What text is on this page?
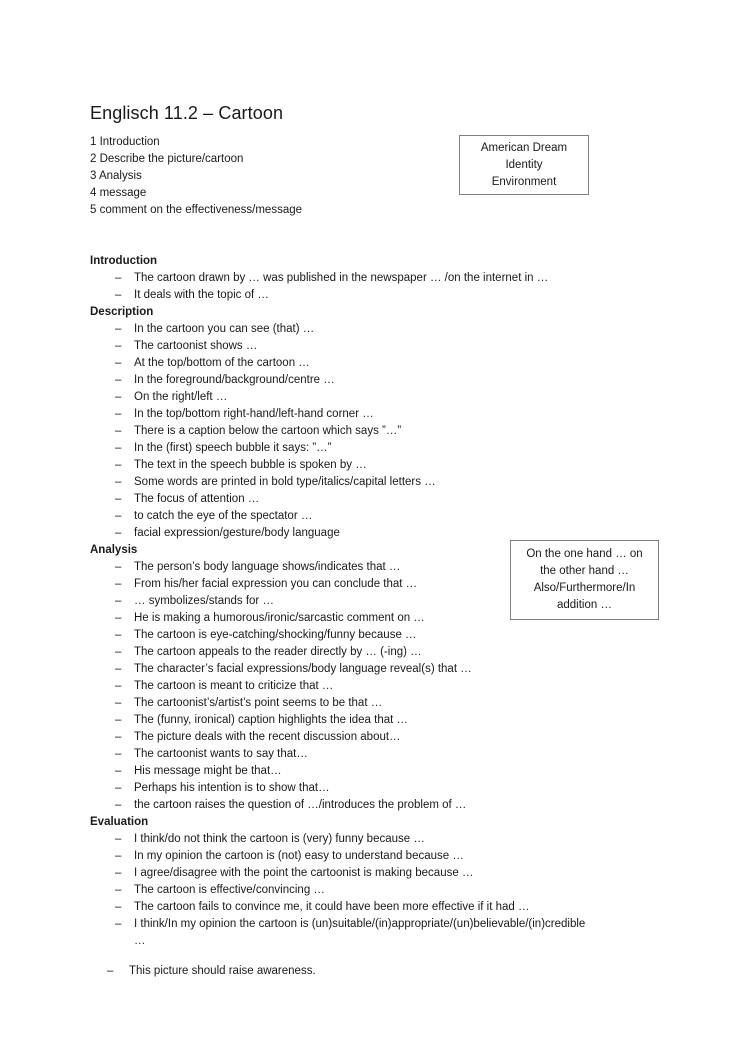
Englisch 11.2 – Cartoon
1 Introduction
2 Describe the picture/cartoon
3 Analysis
4 message
5 comment on the effectiveness/message
American Dream
Identity
Environment
On the one hand … on
the other hand …
Also/Furthermore/In
addition …
Introduction
– The cartoon drawn by … was published in the newspaper … /on the internet in …
– It deals with the topic of …
Description
– In the cartoon you can see (that) …
– The cartoonist shows …
– At the top/bottom of the cartoon …
– In the foreground/background/centre …
– On the right/left …
– In the top/bottom right-hand/left-hand corner …
– There is a caption below the cartoon which says ”…”
– In the (first) speech bubble it says: ”…”
– The text in the speech bubble is spoken by …
– Some words are printed in bold type/italics/capital letters …
– The focus of attention …
– to catch the eye of the spectator …
– facial expression/gesture/body language
Analysis
– The person’s body language shows/indicates that …
– From his/her facial expression you can conclude that …
– … symbolizes/stands for …
– He is making a humorous/ironic/sarcastic comment on …
– The cartoon is eye-catching/shocking/funny because …
– The cartoon appeals to the reader directly by … (-ing) …
– The character’s facial expressions/body language reveal(s) that …
– The cartoon is meant to criticize that …
– The cartoonist’s/artist’s point seems to be that …
– The (funny, ironical) caption highlights the idea that …
– The picture deals with the recent discussion about…
– The cartoonist wants to say that…
– His message might be that…
– Perhaps his intention is to show that…
– the cartoon raises the question of …/introduces the problem of …
Evaluation
– I think/do not think the cartoon is (very) funny because …
– In my opinion the cartoon is (not) easy to understand because …
– I agree/disagree with the point the cartoonist is making because …
– The cartoon is effective/convincing …
– The cartoon fails to convince me, it could have been more effective if it had …
– I think/In my opinion the cartoon is (un)suitable/(in)appropriate/(un)believable/(in)credible
…
– This picture should raise awareness.
